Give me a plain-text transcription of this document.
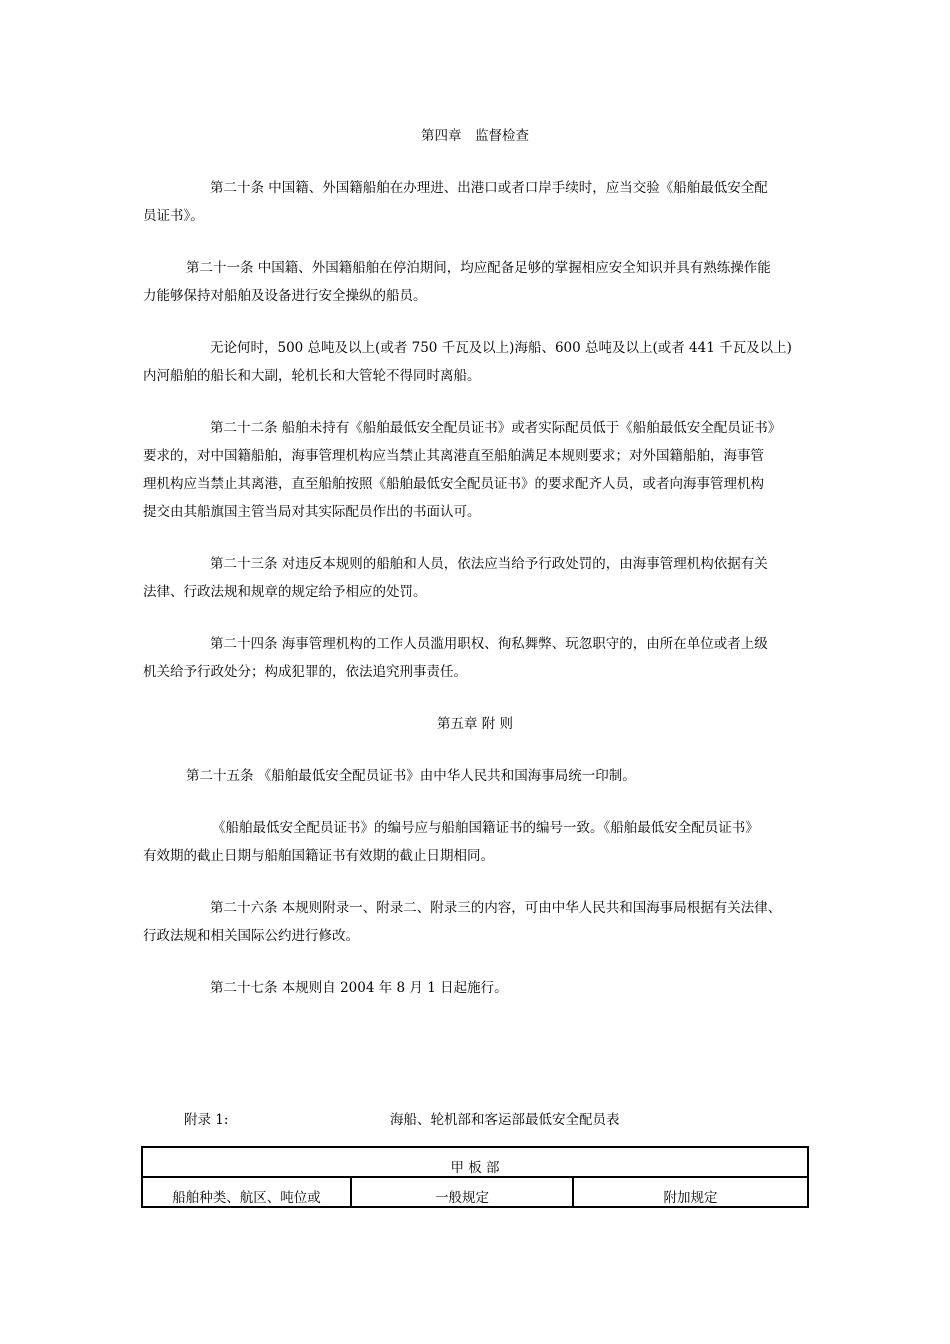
第四章　监督检查
第二十条 中国籍、外国籍船舶在办理进、出港口或者口岸手续时，应当交验《船舶最低安全配
员证书》。
第二十一条 中国籍、外国籍船舶在停泊期间，均应配备足够的掌握相应安全知识并具有熟练操作能
力能够保持对船舶及设备进行安全操纵的船员。
无论何时，500 总吨及以上(或者 750 千瓦及以上)海船、600 总吨及以上(或者 441 千瓦及以上)
内河船舶的船长和大副，轮机长和大管轮不得同时离船。
第二十二条 船舶未持有《船舶最低安全配员证书》或者实际配员低于《船舶最低安全配员证书》
要求的，对中国籍船舶，海事管理机构应当禁止其离港直至船舶满足本规则要求；对外国籍船舶，海事管
理机构应当禁止其离港，直至船舶按照《船舶最低安全配员证书》的要求配齐人员，或者向海事管理机构
提交由其船旗国主管当局对其实际配员作出的书面认可。
第二十三条 对违反本规则的船舶和人员，依法应当给予行政处罚的，由海事管理机构依据有关
法律、行政法规和规章的规定给予相应的处罚。
第二十四条 海事管理机构的工作人员滥用职权、徇私舞弊、玩忽职守的，由所在单位或者上级
机关给予行政处分；构成犯罪的，依法追究刑事责任。
第五章 附 则
第二十五条 《船舶最低安全配员证书》由中华人民共和国海事局统一印制。
《船舶最低安全配员证书》的编号应与船舶国籍证书的编号一致。《船舶最低安全配员证书》
有效期的截止日期与船舶国籍证书有效期的截止日期相同。
第二十六条 本规则附录一、附录二、附录三的内容，可由中华人民共和国海事局根据有关法律、
行政法规和相关国际公约进行修改。
第二十七条 本规则自 2004 年 8 月 1 日起施行。
附录 1:	海船、轮机部和客运部最低安全配员表
甲 板 部
船舶种类、航区、吨位或	一般规定	附加规定
